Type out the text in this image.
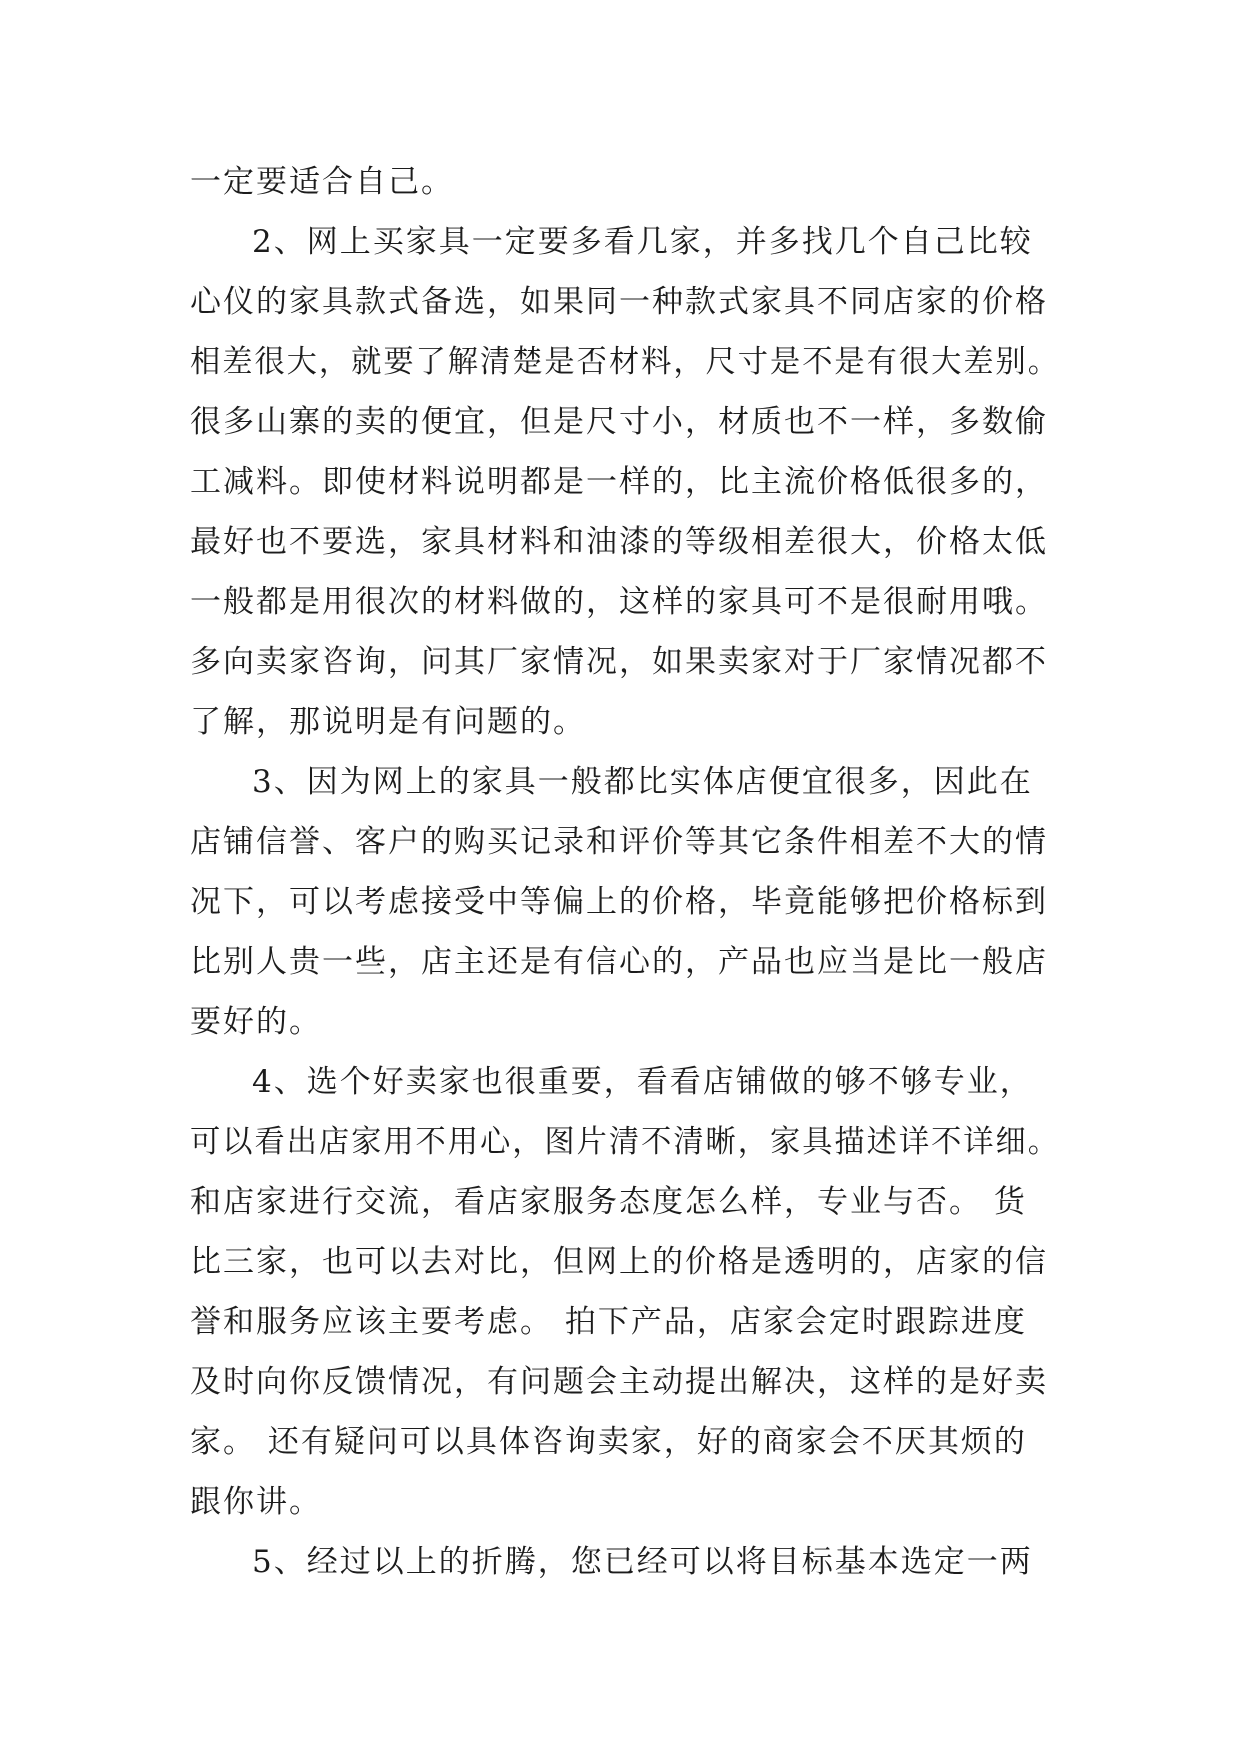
一定要适合自己。
2、网上买家具一定要多看几家，并多找几个自己比较
心仪的家具款式备选，如果同一种款式家具不同店家的价格
相差很大，就要了解清楚是否材料，尺寸是不是有很大差别。
很多山寨的卖的便宜，但是尺寸小，材质也不一样，多数偷
工减料。即使材料说明都是一样的，比主流价格低很多的，
最好也不要选，家具材料和油漆的等级相差很大，价格太低
一般都是用很次的材料做的，这样的家具可不是很耐用哦。
多向卖家咨询，问其厂家情况，如果卖家对于厂家情况都不
了解，那说明是有问题的。
3、因为网上的家具一般都比实体店便宜很多，因此在
店铺信誉、客户的购买记录和评价等其它条件相差不大的情
况下，可以考虑接受中等偏上的价格，毕竟能够把价格标到
比别人贵一些，店主还是有信心的，产品也应当是比一般店
要好的。
4、选个好卖家也很重要，看看店铺做的够不够专业，
可以看出店家用不用心，图片清不清晰，家具描述详不详细。
和店家进行交流，看店家服务态度怎么样，专业与否。 货
比三家，也可以去对比，但网上的价格是透明的，店家的信
誉和服务应该主要考虑。 拍下产品，店家会定时跟踪进度
及时向你反馈情况，有问题会主动提出解决，这样的是好卖
家。 还有疑问可以具体咨询卖家，好的商家会不厌其烦的
跟你讲。
5、经过以上的折腾，您已经可以将目标基本选定一两
